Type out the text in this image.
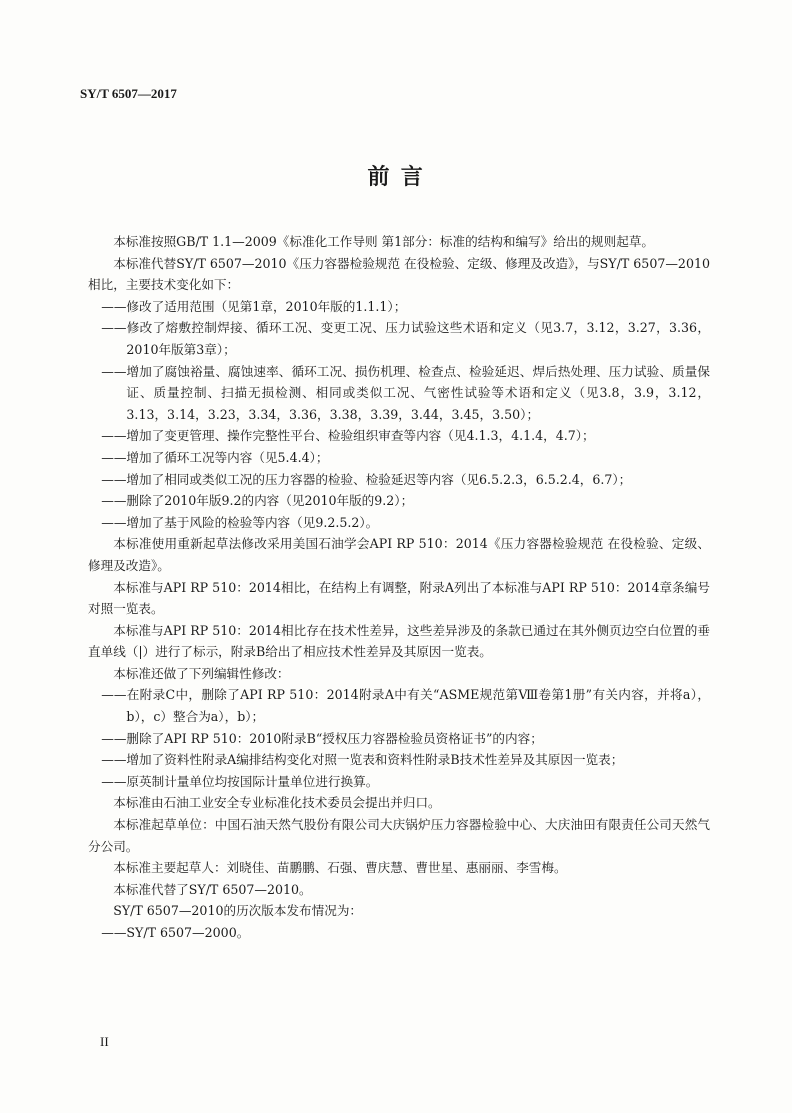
SY/T 6507—2017
前 言

本标准按照GB/T 1.1—2009《标准化工作导则 第1部分：标准的结构和编写》给出的规则起草。

本标准代替SY/T 6507—2010《压力容器检验规范 在役检验、定级、修理及改造》，与SY/T 6507—2010相比，主要技术变化如下：

——修改了适用范围（见第1章，2010年版的1.1.1）；

——修改了熔敷控制焊接、循环工况、变更工况、压力试验这些术语和定义（见3.7，3.12，3.27，3.36，2010年版第3章）；

——增加了腐蚀裕量、腐蚀速率、循环工况、损伤机理、检查点、检验延迟、焊后热处理、压力试验、质量保证、质量控制、扫描无损检测、相同或类似工况、气密性试验等术语和定义（见3.8，3.9，3.12，3.13，3.14，3.23，3.34，3.36，3.38，3.39，3.44，3.45，3.50）；

——增加了变更管理、操作完整性平台、检验组织审查等内容（见4.1.3，4.1.4，4.7）；

——增加了循环工况等内容（见5.4.4）；

——增加了相同或类似工况的压力容器的检验、检验延迟等内容（见6.5.2.3，6.5.2.4，6.7）；

——删除了2010年版9.2的内容（见2010年版的9.2）；

——增加了基于风险的检验等内容（见9.2.5.2）。

本标准使用重新起草法修改采用美国石油学会API RP 510：2014《压力容器检验规范 在役检验、定级、修理及改造》。

本标准与API RP 510：2014相比，在结构上有调整，附录A列出了本标准与API RP 510：2014章条编号对照一览表。

本标准与API RP 510：2014相比存在技术性差异，这些差异涉及的条款已通过在其外侧页边空白位置的垂直单线（|）进行了标示，附录B给出了相应技术性差异及其原因一览表。

本标准还做了下列编辑性修改：

——在附录C中，删除了API RP 510：2014附录A中有关“ASME规范第Ⅷ卷第1册”有关内容，并将a），b），c）整合为a），b）；

——删除了API RP 510：2010附录B“授权压力容器检验员资格证书”的内容；

——增加了资料性附录A编排结构变化对照一览表和资料性附录B技术性差异及其原因一览表；

——原英制计量单位均按国际计量单位进行换算。

本标准由石油工业安全专业标准化技术委员会提出并归口。

本标准起草单位：中国石油天然气股份有限公司大庆锅炉压力容器检验中心、大庆油田有限责任公司天然气分公司。

本标准主要起草人：刘晓佳、苗鹏鹏、石强、曹庆慧、曹世星、惠丽丽、李雪梅。

本标准代替了SY/T 6507—2010。

SY/T 6507—2010的历次版本发布情况为：

——SY/T 6507—2000。

II
